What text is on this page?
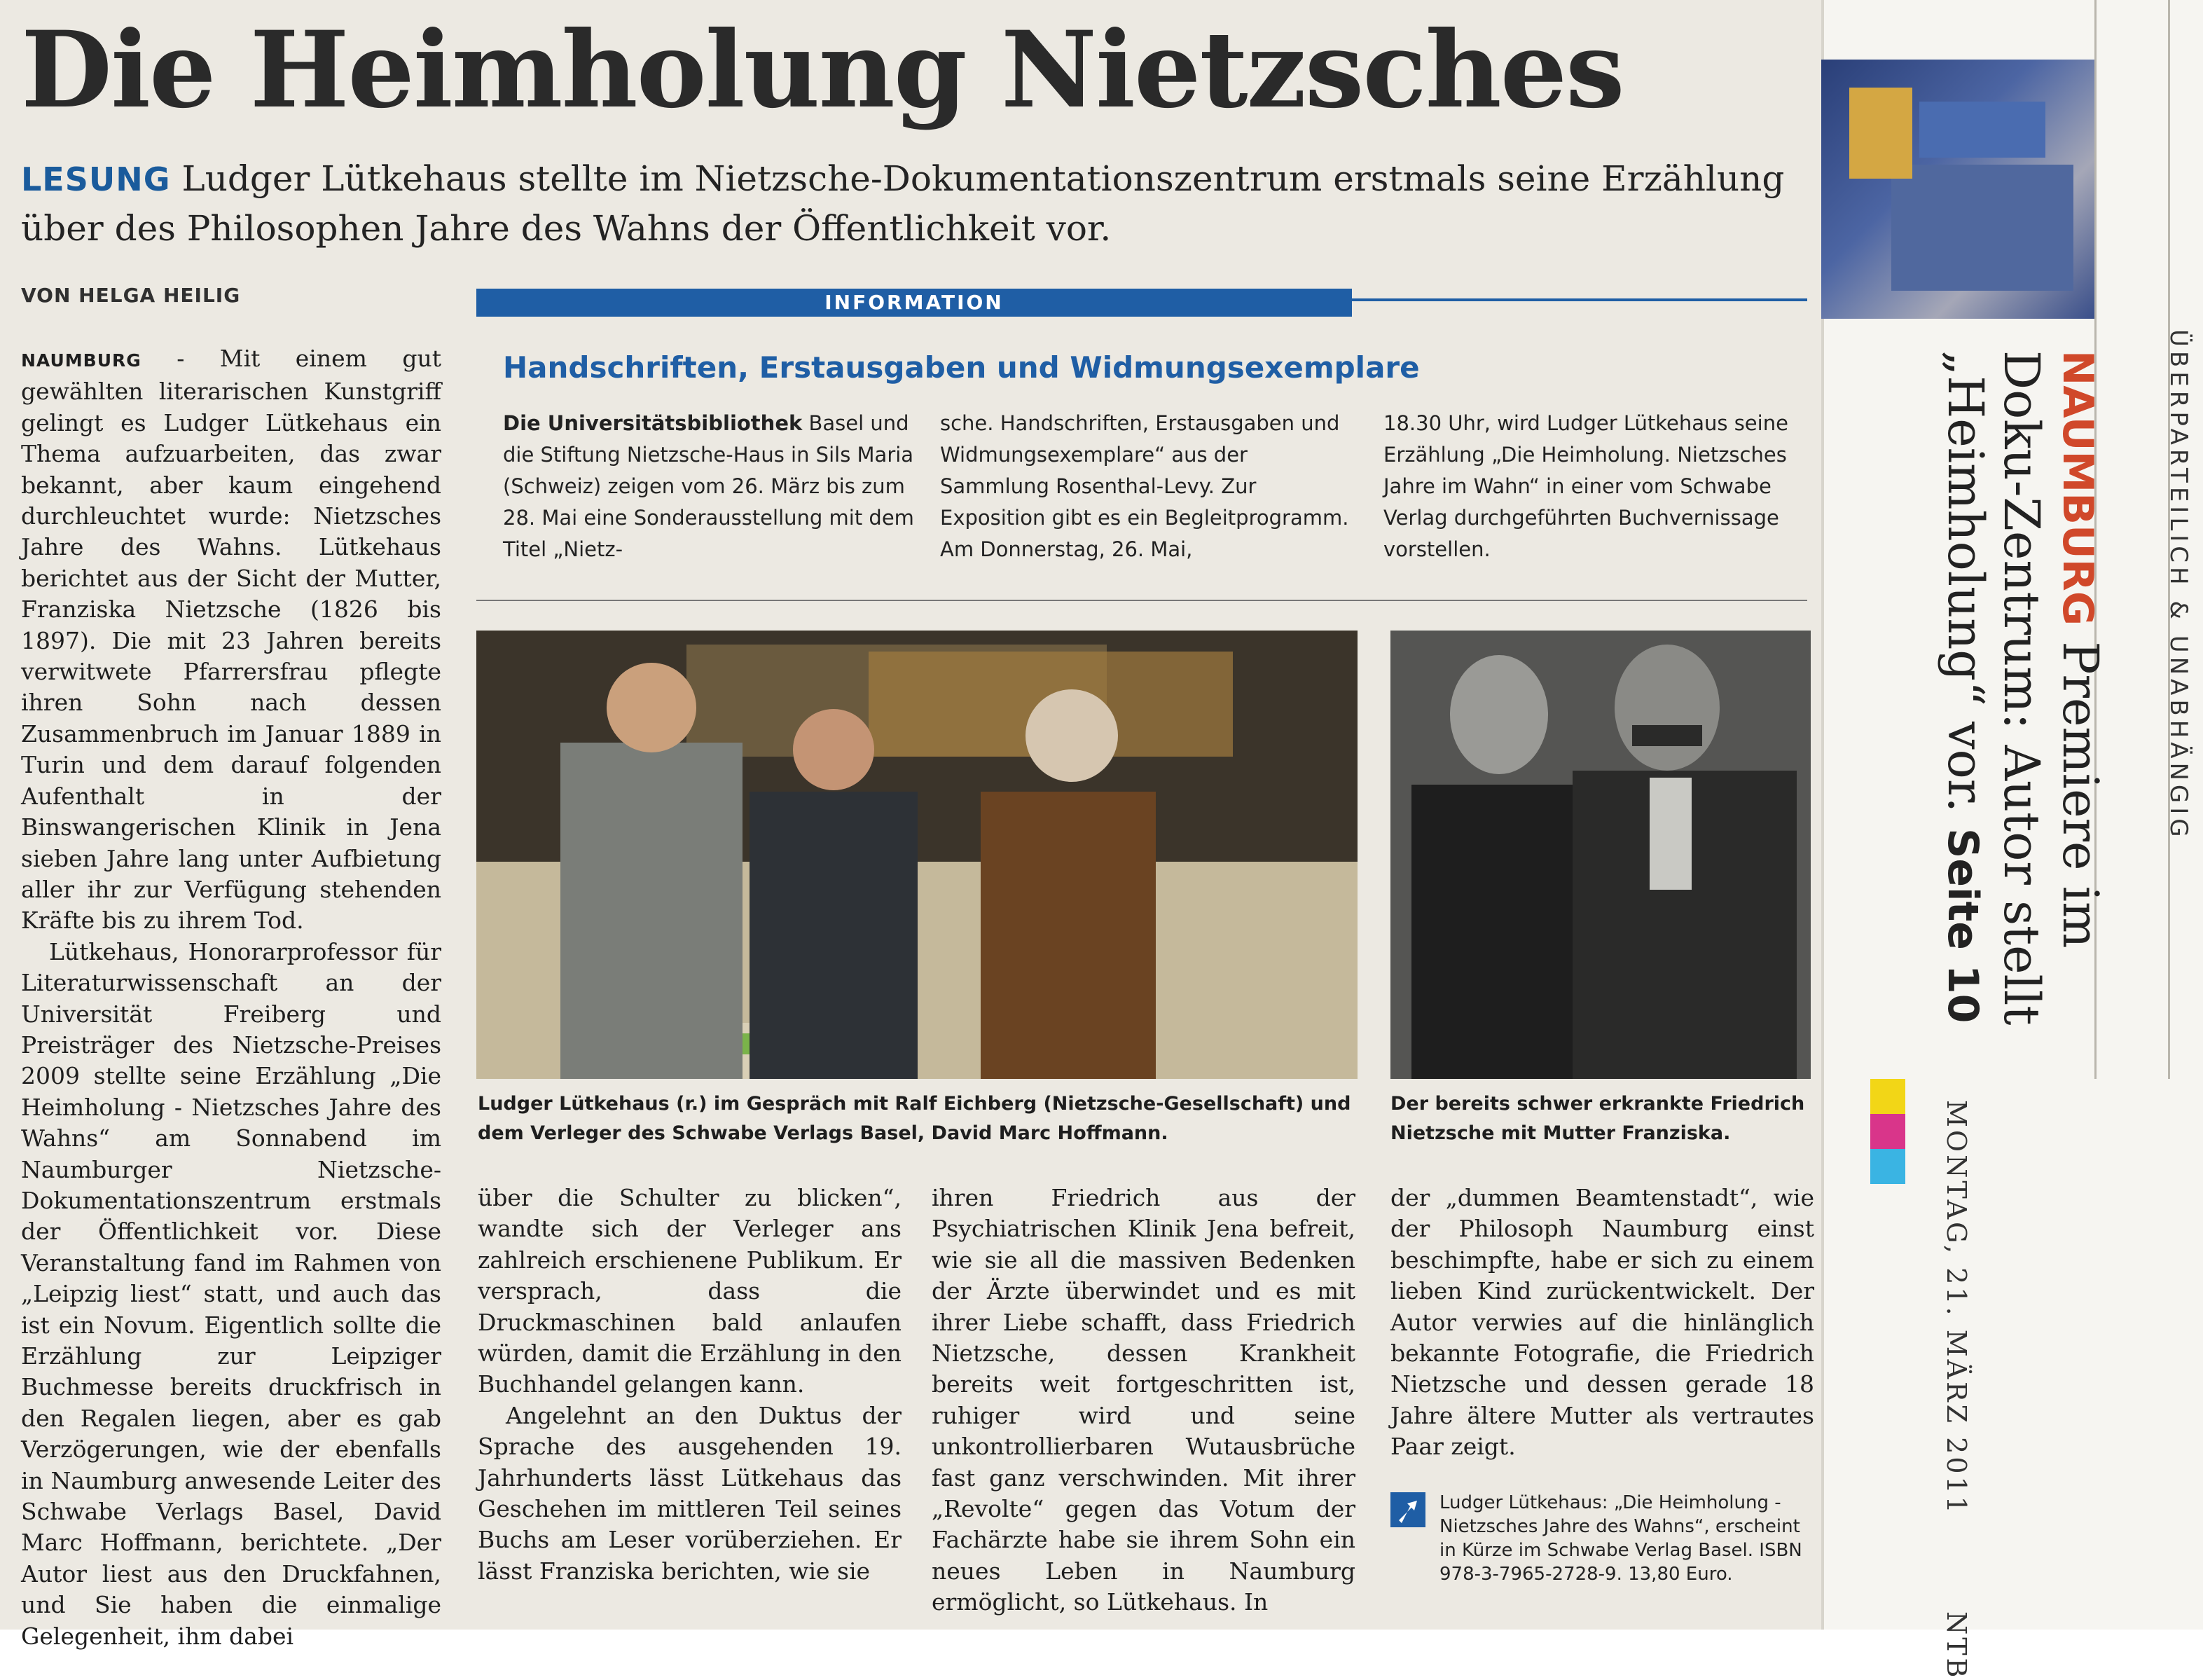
Die Heimholung Nietzsches
LESUNG Ludger Lütkehaus stellte im Nietzsche-Dokumentationszentrum erstmals seine Erzählung über des Philosophen Jahre des Wahns der Öffentlichkeit vor.
VON HELGA HEILIG	INFORMATION
Handschriften, Erstausgaben und Widmungsexemplare
Die Universitätsbibliothek Basel und die Stiftung Nietzsche-Haus in Sils Maria (Schweiz) zeigen vom 26. März bis zum 28. Mai eine Sonderausstellung mit dem Titel „Nietz-
sche. Handschriften, Erstausgaben und Widmungsexemplare“ aus der Sammlung Rosenthal-Levy. Zur Exposition gibt es ein Begleitprogramm. Am Donnerstag, 26. Mai,
18.30 Uhr, wird Ludger Lütkehaus seine Erzählung „Die Heimholung. Nietzsches Jahre im Wahn“ in einer vom Schwabe Verlag durchgeführten Buchvernissage vorstellen.

NAUMBURG - Mit einem gut gewählten literarischen Kunstgriff gelingt es Ludger Lütkehaus ein Thema aufzuarbeiten, das zwar bekannt, aber kaum eingehend durchleuchtet wurde: Nietzsches Jahre des Wahns. Lütkehaus berichtet aus der Sicht der Mutter, Franziska Nietzsche (1826 bis 1897). Die mit 23 Jahren bereits verwitwete Pfarrersfrau pflegte ihren Sohn nach dessen Zusammenbruch im Januar 1889 in Turin und dem darauf folgenden Aufenthalt in der Binswangerischen Klinik in Jena sieben Jahre lang unter Aufbietung aller ihr zur Verfügung stehenden Kräfte bis zu ihrem Tod.

Lütkehaus, Honorarprofessor für Literaturwissenschaft an der Universität Freiberg und Preisträger des Nietzsche-Preises 2009 stellte seine Erzählung „Die Heimholung - Nietzsches Jahre des Wahns“ am Sonnabend im Naumburger Nietzsche-Dokumentationszentrum erstmals der Öffentlichkeit vor. Diese Veranstaltung fand im Rahmen von „Leipzig liest“ statt, und auch das ist ein Novum. Eigentlich sollte die Erzählung zur Leipziger Buchmesse bereits druckfrisch in den Regalen liegen, aber es gab Verzögerungen, wie der ebenfalls in Naumburg anwesende Leiter des Schwabe Verlags Basel, David Marc Hoffmann, berichtete. „Der Autor liest aus den Druckfahnen, und Sie haben die einmalige Gelegenheit, ihm dabei

Ludger Lütkehaus (r.) im Gespräch mit Ralf Eichberg (Nietzsche-Gesellschaft) und dem Verleger des Schwabe Verlags Basel, David Marc Hoffmann.
Der bereits schwer erkrankte Friedrich Nietzsche mit Mutter Franziska.

über die Schulter zu blicken“, wandte sich der Verleger ans zahlreich erschienene Publikum. Er versprach, dass die Druckmaschinen bald anlaufen würden, damit die Erzählung in den Buchhandel gelangen kann.

Angelehnt an den Duktus der Sprache des ausgehenden 19. Jahrhunderts lässt Lütkehaus das Geschehen im mittleren Teil seines Buchs am Leser vorüberziehen. Er lässt Franziska berichten, wie sie

ihren Friedrich aus der Psychiatrischen Klinik Jena befreit, wie sie all die massiven Bedenken der Ärzte überwindet und es mit ihrer Liebe schafft, dass Friedrich Nietzsche, dessen Krankheit bereits weit fortgeschritten ist, ruhiger wird und seine unkontrollierbaren Wutausbrüche fast ganz verschwinden. Mit ihrer „Revolte“ gegen das Votum der Fachärzte habe sie ihrem Sohn ein neues Leben in Naumburg ermöglicht, so Lütkehaus. In

der „dummen Beamtenstadt“, wie der Philosoph Naumburg einst beschimpfte, habe er sich zu einem lieben Kind zurückentwickelt. Der Autor verwies auf die hinlänglich bekannte Fotografie, die Friedrich Nietzsche und dessen gerade 18 Jahre ältere Mutter als vertrautes Paar zeigt.

Ludger Lütkehaus: „Die Heimholung - Nietzsches Jahre des Wahns“, erscheint in Kürze im Schwabe Verlag Basel. ISBN 978-3-7965-2728-9. 13,80 Euro.
NAUMBURG Premiere im
Doku-Zentrum: Autor stellt
„Heimholung“ vor. Seite 10
ÜBERPARTEILICH & UNABHÄNGIG
MONTAG, 21. MÄRZ 2011 NTB
